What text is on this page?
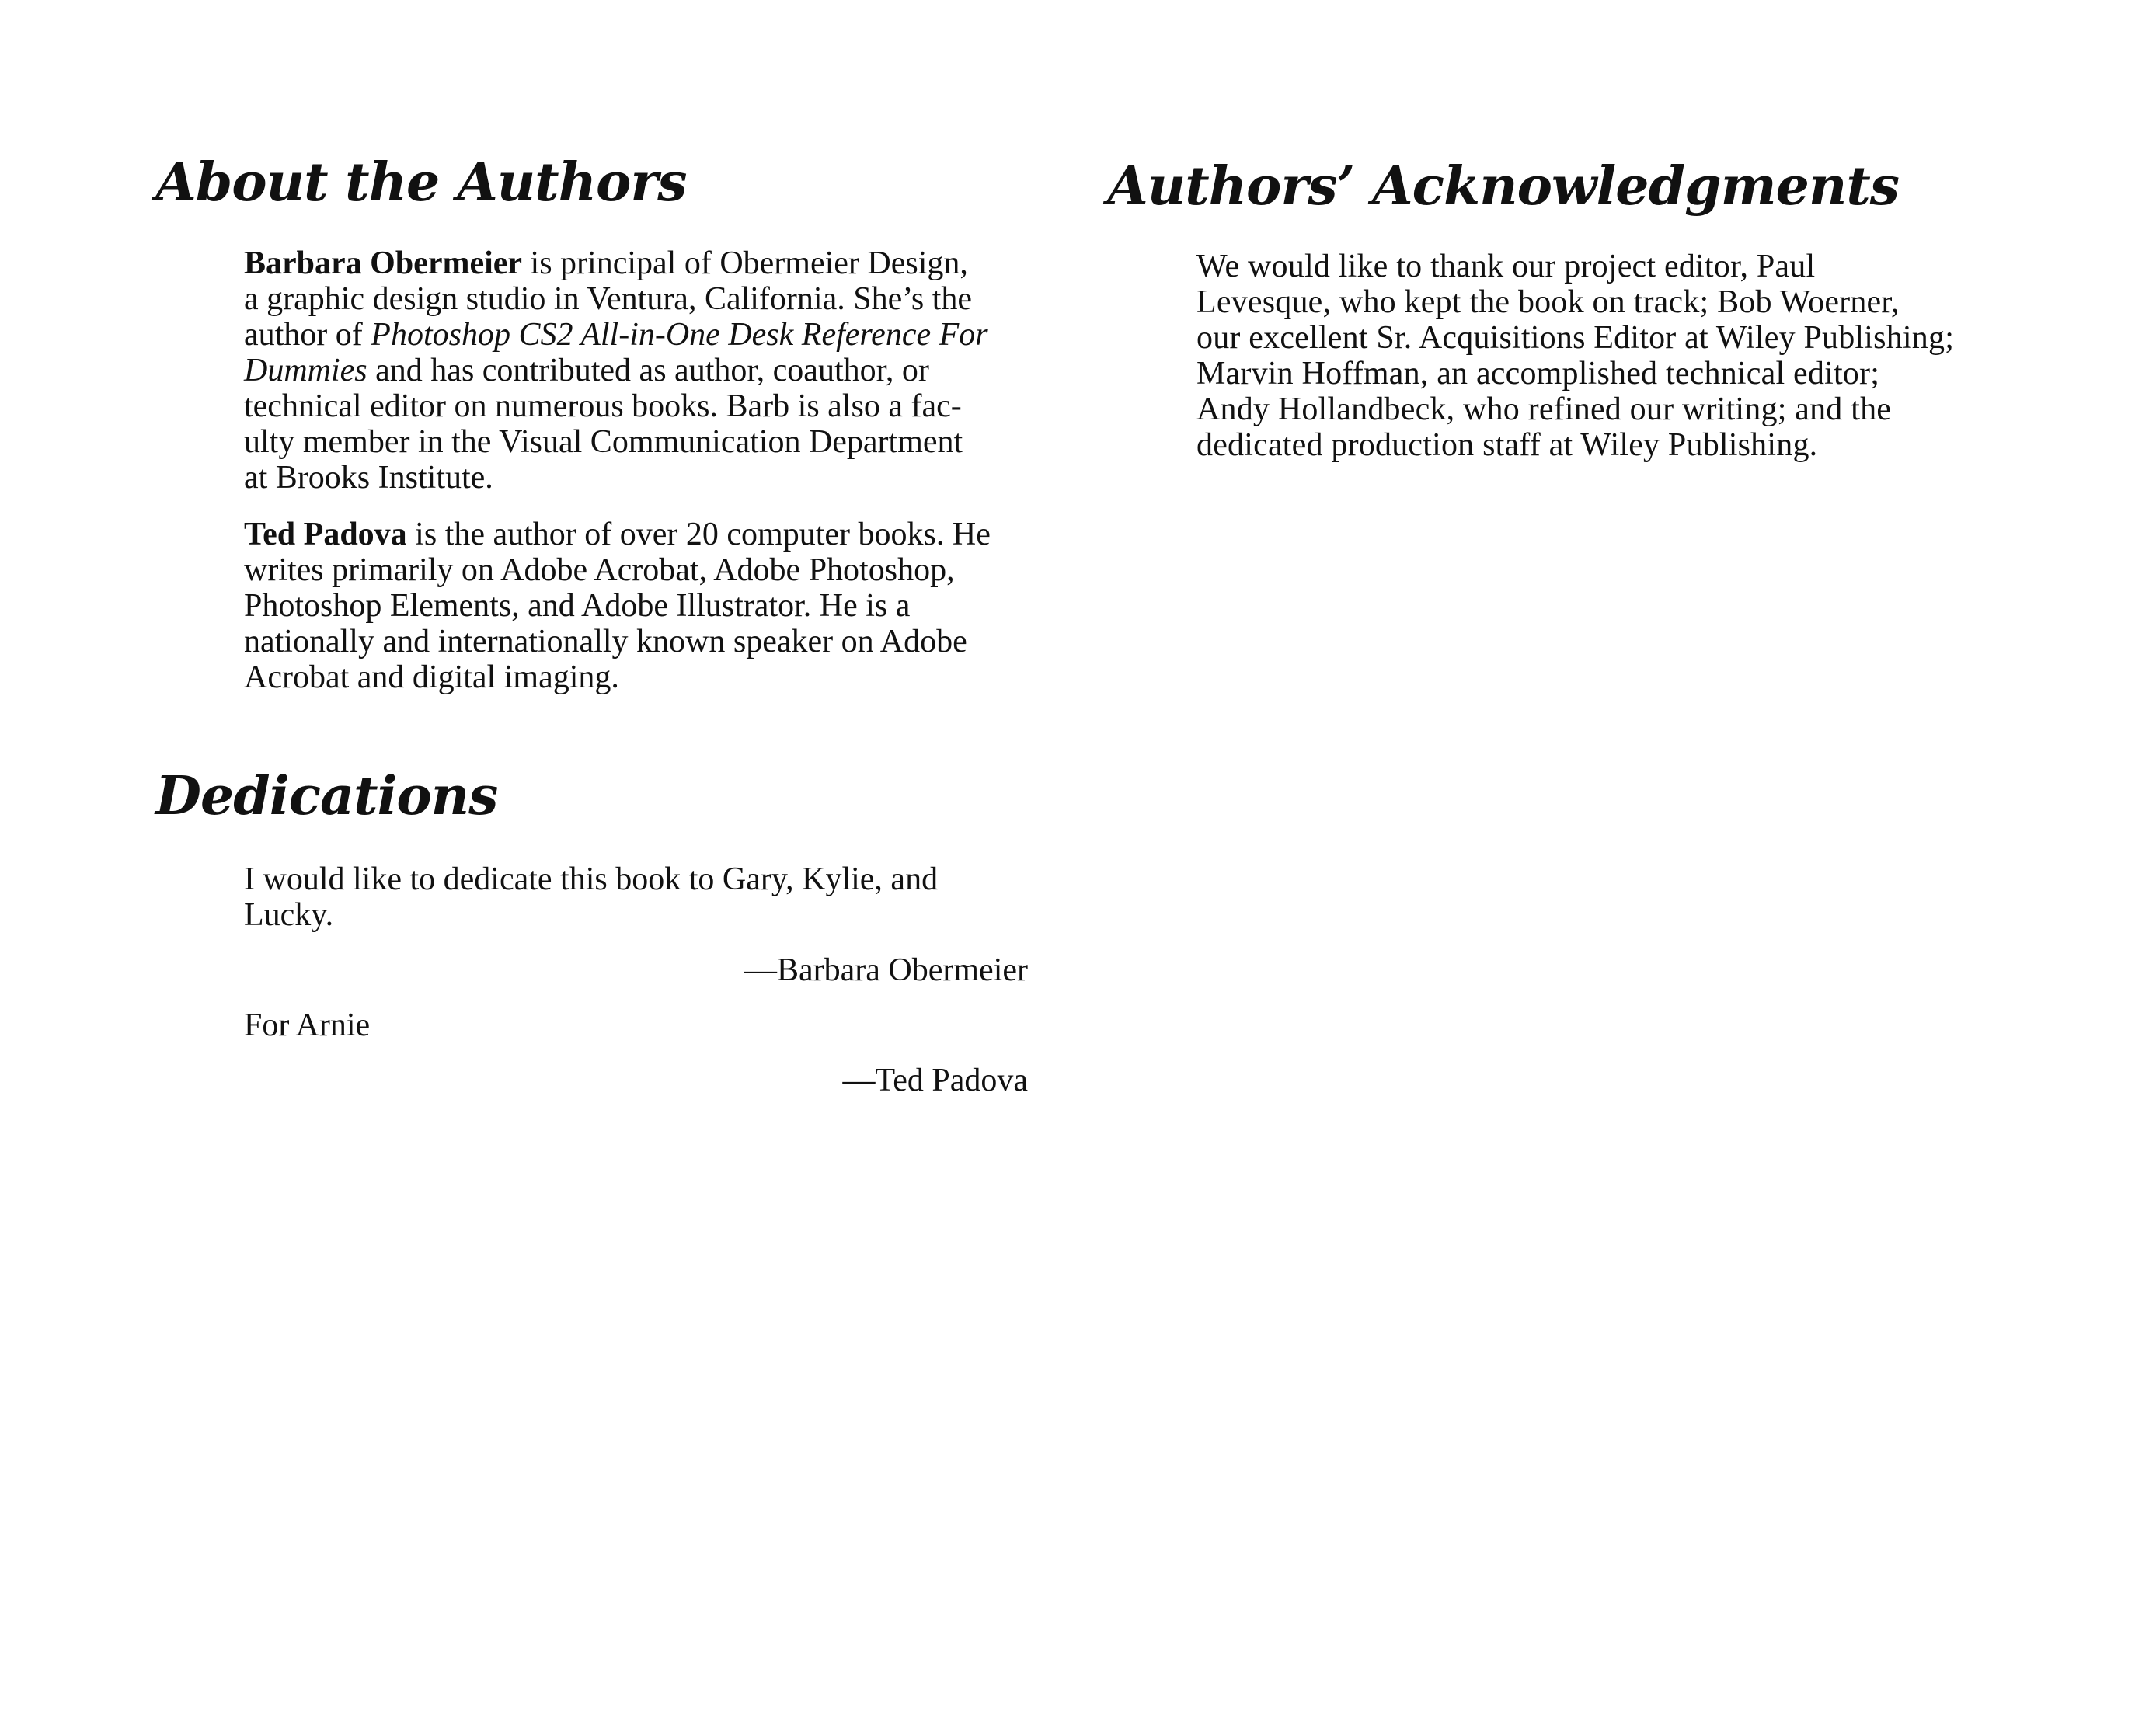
About the Authors
Barbara Obermeier is principal of Obermeier Design,
a graphic design studio in Ventura, California. She’s the
author of Photoshop CS2 All-in-One Desk Reference For
Dummies and has contributed as author, coauthor, or
technical editor on numerous books. Barb is also a fac-
ulty member in the Visual Communication Department
at Brooks Institute.
Ted Padova is the author of over 20 computer books. He
writes primarily on Adobe Acrobat, Adobe Photoshop,
Photoshop Elements, and Adobe Illustrator. He is a
nationally and internationally known speaker on Adobe
Acrobat and digital imaging.
Dedications
I would like to dedicate this book to Gary, Kylie, and
Lucky.
—Barbara Obermeier
For Arnie
—Ted Padova
Authors’ Acknowledgments
We would like to thank our project editor, Paul
Levesque, who kept the book on track; Bob Woerner,
our excellent Sr. Acquisitions Editor at Wiley Publishing;
Marvin Hoffman, an accomplished technical editor;
Andy Hollandbeck, who refined our writing; and the
dedicated production staff at Wiley Publishing.
